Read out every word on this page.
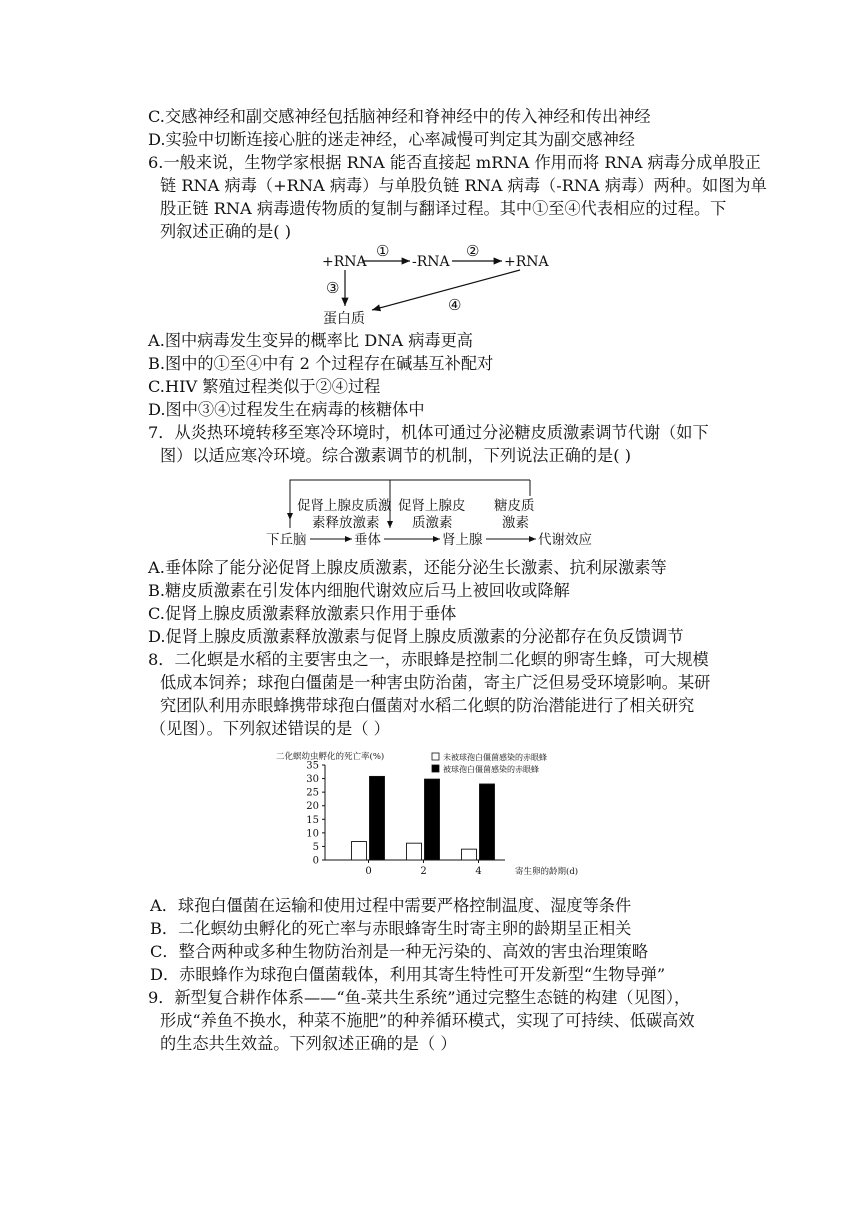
C.交感神经和副交感神经包括脑神经和脊神经中的传入神经和传出神经
D.实验中切断连接心脏的迷走神经，心率减慢可判定其为副交感神经
6.一般来说，生物学家根据 RNA 能否直接起 mRNA 作用而将 RNA 病毒分成单股正
链 RNA 病毒（+RNA 病毒）与单股负链 RNA 病毒（-RNA 病毒）两种。如图为单
股正链 RNA 病毒遗传物质的复制与翻译过程。其中①至④代表相应的过程。下
列叙述正确的是( )
+RNA	-RNA	+RNA
蛋白质
①	②
③
④
A.图中病毒发生变异的概率比 DNA 病毒更高
B.图中的①至④中有 2 个过程存在碱基互补配对
C.HIV 繁殖过程类似于②④过程
D.图中③④过程发生在病毒的核糖体中
7．从炎热环境转移至寒冷环境时，机体可通过分泌糖皮质激素调节代谢（如下
图）以适应寒冷环境。综合激素调节的机制，下列说法正确的是( )
促肾上腺皮质激
素释放激素
促肾上腺皮
质激素
糖皮质
激素
下丘脑	垂体	肾上腺	代谢效应
A.垂体除了能分泌促肾上腺皮质激素，还能分泌生长激素、抗利尿激素等
B.糖皮质激素在引发体内细胞代谢效应后马上被回收或降解
C.促肾上腺皮质激素释放激素只作用于垂体
D.促肾上腺皮质激素释放激素与促肾上腺皮质激素的分泌都存在负反馈调节
8．二化螟是水稻的主要害虫之一，赤眼蜂是控制二化螟的卵寄生蜂，可大规模
低成本饲养；球孢白僵菌是一种害虫防治菌，寄主广泛但易受环境影响。某研
究团队利用赤眼蜂携带球孢白僵菌对水稻二化螟的防治潜能进行了相关研究
（见图）。下列叙述错误的是（ ）
二化螟幼虫孵化的死亡率(%)
0
5
10
15
20
25
30
35
0	2	4	寄生卵的龄期(d)
未被球孢白僵菌感染的赤眼蜂
被球孢白僵菌感染的赤眼蜂
A．球孢白僵菌在运输和使用过程中需要严格控制温度、湿度等条件
B．二化螟幼虫孵化的死亡率与赤眼蜂寄生时寄主卵的龄期呈正相关
C．整合两种或多种生物防治剂是一种无污染的、高效的害虫治理策略
D．赤眼蜂作为球孢白僵菌载体，利用其寄生特性可开发新型“生物导弹”
9．新型复合耕作体系——“鱼-菜共生系统”通过完整生态链的构建（见图），
形成“养鱼不换水，种菜不施肥”的种养循环模式，实现了可持续、低碳高效
的生态共生效益。下列叙述正确的是（ ）
